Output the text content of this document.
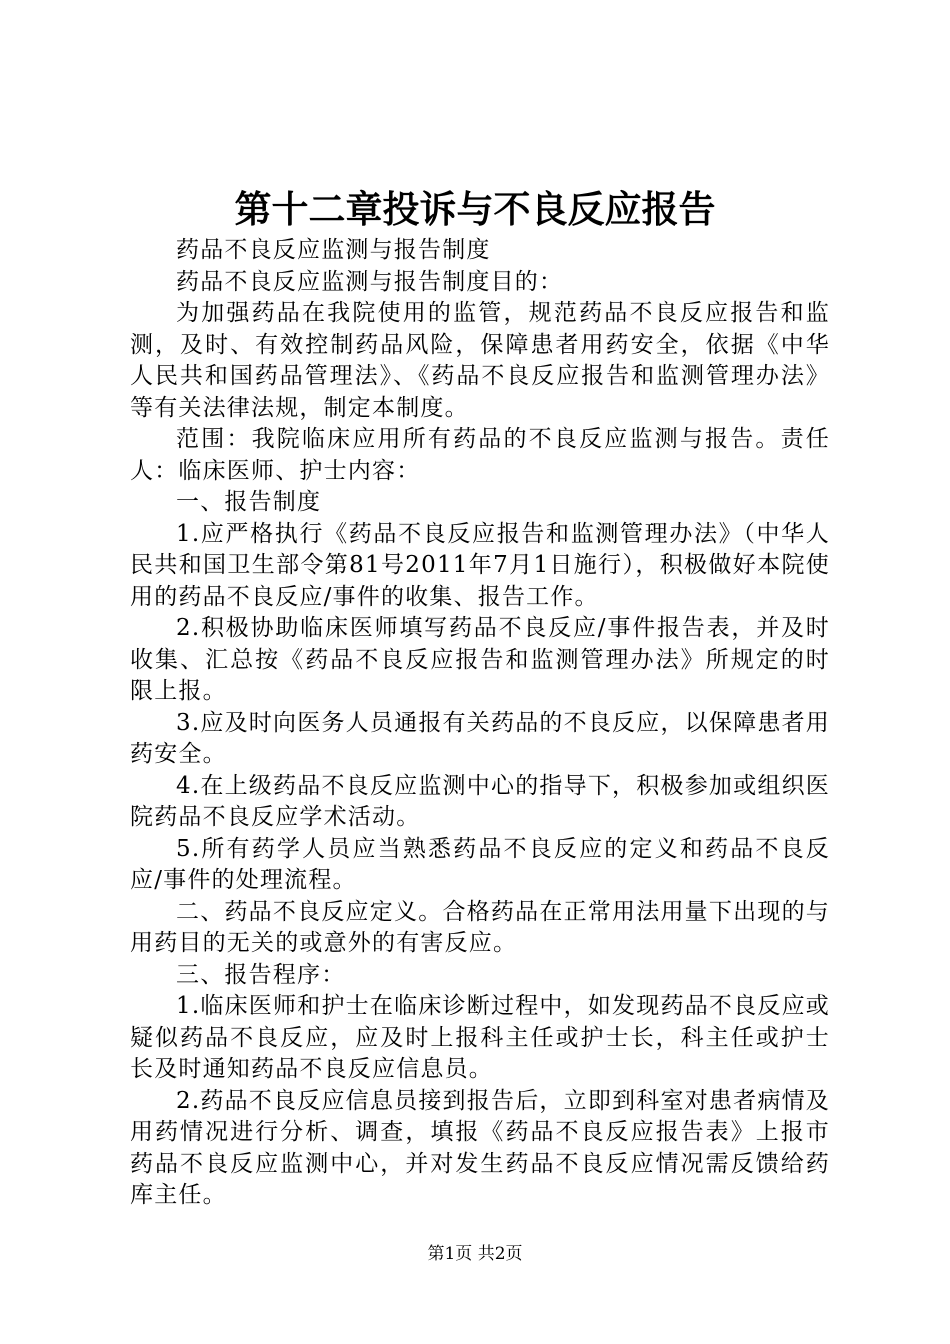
第十二章投诉与不良反应报告

药品不良反应监测与报告制度

药品不良反应监测与报告制度目的：

为加强药品在我院使用的监管，规范药品不良反应报告和监测，及时、有效控制药品风险，保障患者用药安全，依据《中华人民共和国药品管理法》、《药品不良反应报告和监测管理办法》等有关法律法规，制定本制度。

范围：我院临床应用所有药品的不良反应监测与报告。责任人：临床医师、护士内容：

一、报告制度

1.应严格执行《药品不良反应报告和监测管理办法》（中华人民共和国卫生部令第81号2011年7月1日施行），积极做好本院使用的药品不良反应/事件的收集、报告工作。

2.积极协助临床医师填写药品不良反应/事件报告表，并及时收集、汇总按《药品不良反应报告和监测管理办法》所规定的时限上报。

3.应及时向医务人员通报有关药品的不良反应，以保障患者用药安全。

4.在上级药品不良反应监测中心的指导下，积极参加或组织医院药品不良反应学术活动。

5.所有药学人员应当熟悉药品不良反应的定义和药品不良反应/事件的处理流程。

二、药品不良反应定义。合格药品在正常用法用量下出现的与用药目的无关的或意外的有害反应。

三、报告程序：

1.临床医师和护士在临床诊断过程中，如发现药品不良反应或疑似药品不良反应，应及时上报科主任或护士长，科主任或护士长及时通知药品不良反应信息员。

2.药品不良反应信息员接到报告后，立即到科室对患者病情及用药情况进行分析、调查，填报《药品不良反应报告表》上报市药品不良反应监测中心，并对发生药品不良反应情况需反馈给药库主任。

第1页 共2页
